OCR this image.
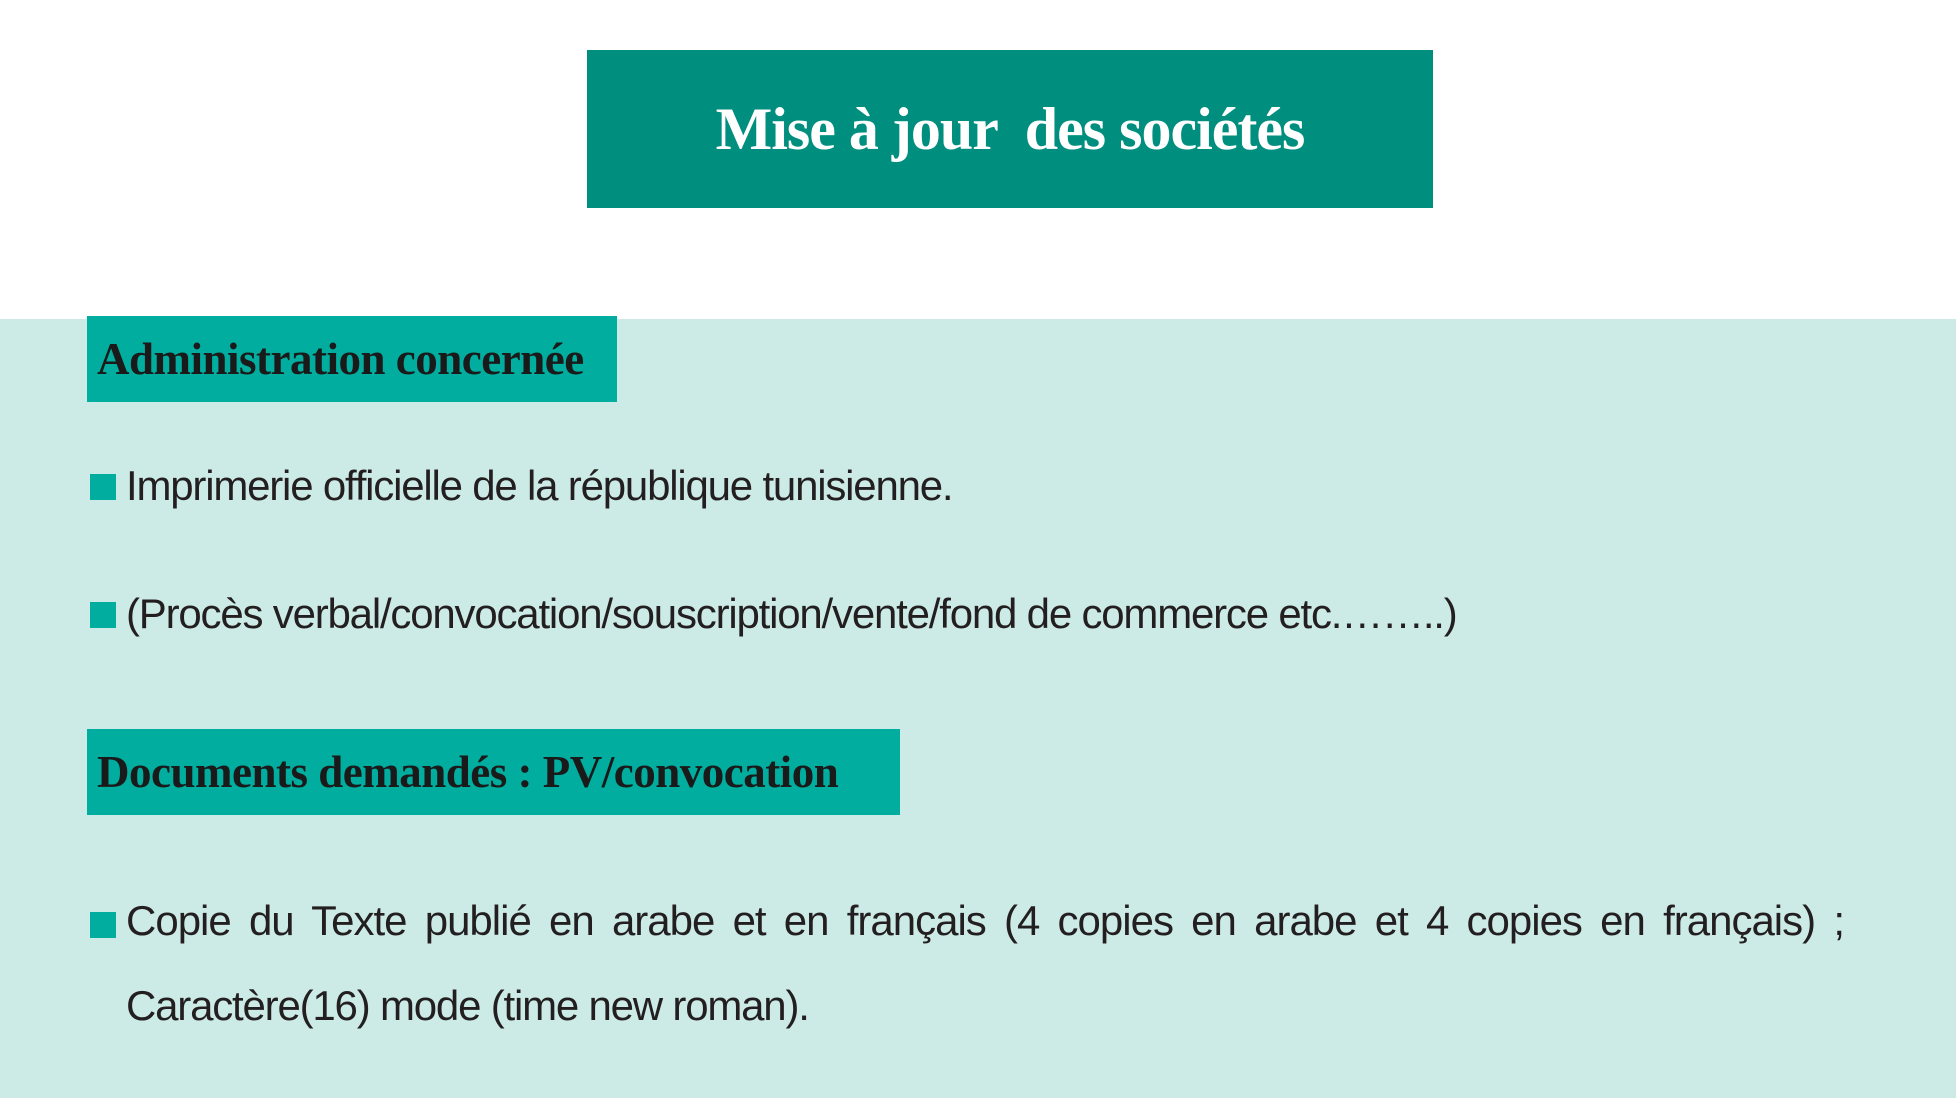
Mise à jour  des sociétés
Administration concernée
Imprimerie officielle de la république tunisienne.
(Procès verbal/convocation/souscription/vente/fond de commerce etc.……..)
Documents demandés : PV/convocation
Copie du Texte publié en arabe et en français (4 copies en arabe et 4 copies en français) ;
Caractère(16) mode (time new roman).
